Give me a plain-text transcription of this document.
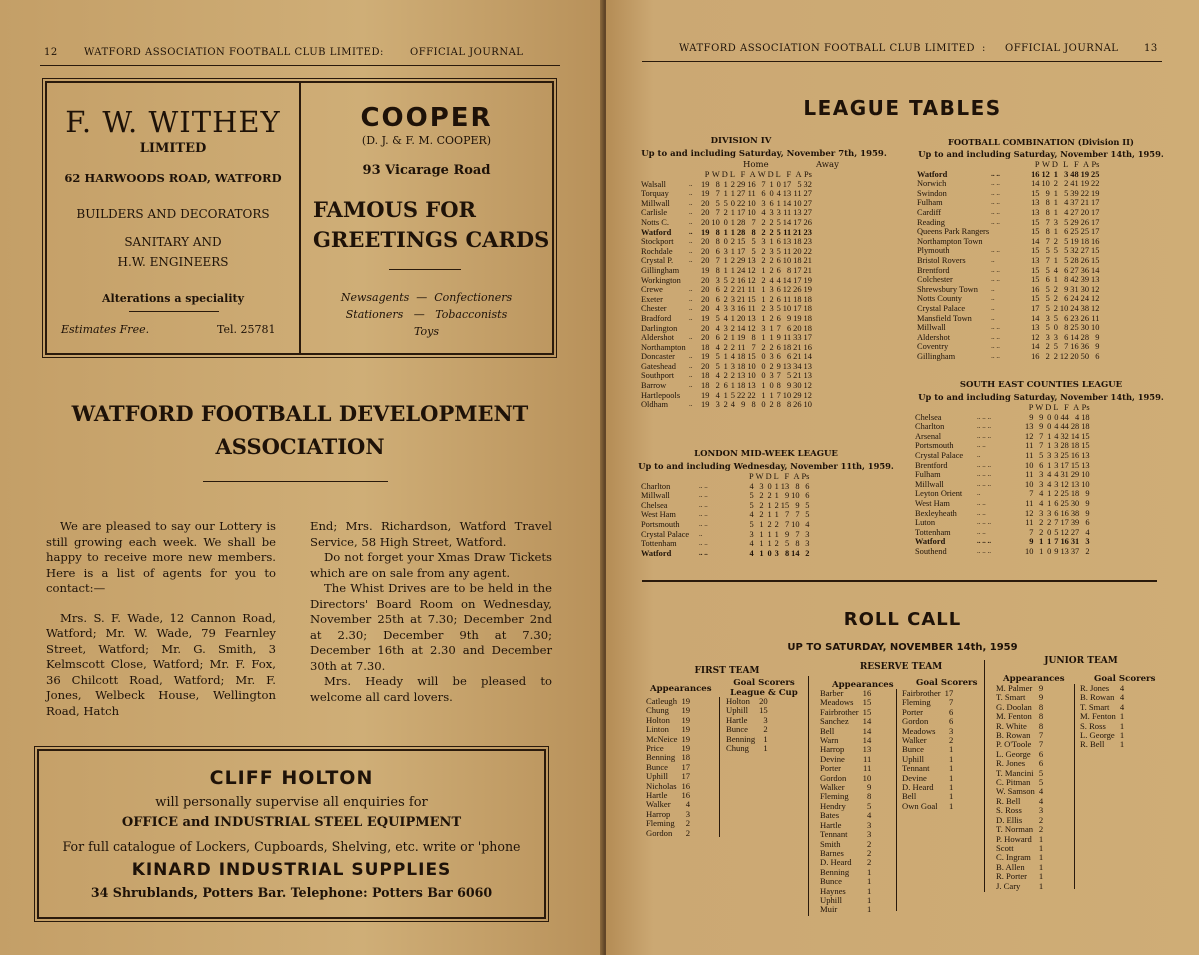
12	WATFORD ASSOCIATION FOOTBALL CLUB LIMITED :	OFFICIAL JOURNAL
F. W. WITHEY
LIMITED
62 HARWOODS ROAD, WATFORD
BUILDERS AND DECORATORS
SANITARY AND
H.W. ENGINEERS
Alterations a speciality
Estimates Free.	Tel. 25781
COOPER
(D. J. & F. M. COOPER)
93 Vicarage Road
FAMOUS FOR
GREETINGS CARDS
Newsagents  —  Confectioners
Stationers   —   Tobacconists
Toys
WATFORD FOOTBALL DEVELOPMENT
ASSOCIATION

We are pleased to say our Lottery is still growing each week. We shall be happy to receive more new members. Here is a list of agents for you to contact:—

Mrs. S. F. Wade, 12 Cannon Road, Watford; Mr. W. Wade, 79 Fearnley Street, Watford; Mr. G. Smith, 3 Kelmscott Close, Watford; Mr. F. Fox, 36 Chilcott Road, Watford; Mr. F. Jones, Welbeck House, Wellington Road, Hatch

End; Mrs. Richardson, Watford Travel Service, 58 High Street, Watford.

Do not forget your Xmas Draw Tickets which are on sale from any agent.

The Whist Drives are to be held in the Directors' Board Room on Wednesday, November 25th at 7.30; December 2nd at 2.30; December 9th at 7.30; December 16th at 2.30 and December 30th at 7.30.

Mrs. Heady will be pleased to welcome all card lovers.

CLIFF HOLTON
will personally supervise all enquiries for
OFFICE and INDUSTRIAL STEEL EQUIPMENT
For full catalogue of Lockers, Cupboards, Shelving, etc. write or 'phone
KINARD INDUSTRIAL SUPPLIES
34 Shrublands, Potters Bar. Telephone: Potters Bar 6060
WATFORD ASSOCIATION FOOTBALL CLUB LIMITED : OFFICIAL JOURNAL	13
LEAGUE TABLES
DIVISION IV
Up to and including Saturday, November 7th, 1959.
Home	Away
		P	W	D	L	F	A	W	D	L	F	A	Ps
Walsall	..	19	8	1	2	29	16	7	1	0	17	5	32
Torquay	..	19	7	1	1	27	11	6	0	4	13	11	27
Millwall	..	20	5	5	0	22	10	3	6	1	14	10	27
Carlisle	..	20	7	2	1	17	10	4	3	3	11	13	27
Notts C.	..	20	10	0	1	28	7	2	2	5	14	17	26
Watford	..	19	8	1	1	28	8	2	2	5	11	21	23
Stockport	..	20	8	0	2	15	5	3	1	6	13	18	23
Rochdale	..	20	6	3	1	17	5	2	3	5	11	20	22
Crystal P.	..	20	7	1	2	29	13	2	2	6	10	18	21
Gillingham		19	8	1	1	24	12	1	2	6	8	17	21
Workington		20	3	5	2	16	12	2	4	4	14	17	19
Crewe	..	20	6	2	2	21	11	1	3	6	12	26	19
Exeter	..	20	6	2	3	21	15	1	2	6	11	18	18
Chester	..	20	4	3	3	16	11	2	3	5	10	17	18
Bradford	..	19	5	4	1	20	13	1	2	6	9	19	18
Darlington		20	4	3	2	14	12	3	1	7	6	20	18
Aldershot	..	20	6	2	1	19	8	1	1	9	11	33	17
Northampton		18	4	2	2	11	7	2	2	6	18	21	16
Doncaster	..	19	5	1	4	18	15	0	3	6	6	21	14
Gateshead	..	20	5	1	3	18	10	0	2	9	13	34	13
Southport	..	18	4	2	2	13	10	0	3	7	5	21	13
Barrow	..	18	2	6	1	18	13	1	0	8	9	30	12
Hartlepools		19	4	1	5	22	22	1	1	7	10	29	12
Oldham	..	19	3	2	4	9	8	0	2	8	8	26	10
FOOTBALL COMBINATION (Division II)
Up to and including Saturday, November 14th, 1959.
		P	W	D	L	F	A	Ps
Watford	.. ..	16	12	1	3	48	19	25
Norwich	.. ..	14	10	2	2	41	19	22
Swindon	.. ..	15	9	1	5	39	22	19
Fulham	.. ..	13	8	1	4	37	21	17
Cardiff	.. ..	13	8	1	4	27	20	17
Reading	.. ..	15	7	3	5	29	26	17
Queens Park Rangers		15	8	1	6	25	25	17
Northampton Town		14	7	2	5	19	18	16
Plymouth	.. ..	15	5	5	5	32	27	15
Bristol Rovers	..	13	7	1	5	28	26	15
Brentford	.. ..	15	5	4	6	27	36	14
Colchester	.. ..	15	6	1	8	42	39	13
Shrewsbury Town	..	16	5	2	9	31	30	12
Notts County	..	15	5	2	6	24	24	12
Crystal Palace	..	17	5	2	10	24	38	12
Mansfield Town	..	14	3	5	6	23	26	11
Millwall	.. ..	13	5	0	8	25	30	10
Aldershot	.. ..	12	3	3	6	14	28	9
Coventry	.. ..	14	2	5	7	16	36	9
Gillingham	.. ..	16	2	2	12	20	50	6
LONDON MID-WEEK LEAGUE
Up to and including Wednesday, November 11th, 1959.
		P	W	D	L	F	A	Ps
Charlton	.. ..	4	3	0	1	13	8	6
Millwall	.. ..	5	2	2	1	9	10	6
Chelsea	.. ..	5	2	1	2	15	9	5
West Ham	.. ..	4	2	1	1	7	7	5
Portsmouth	.. ..	5	1	2	2	7	10	4
Crystal Palace	..	3	1	1	1	9	7	3
Tottenham	.. ..	4	1	1	2	5	8	3
Watford	.. ..	4	1	0	3	8	14	2
SOUTH EAST COUNTIES LEAGUE
Up to and including Saturday, November 14th, 1959.
		P	W	D	L	F	A	Ps
Chelsea	.. .. ..	9	9	0	0	44	4	18
Charlton	.. .. ..	13	9	0	4	44	28	18
Arsenal	.. .. ..	12	7	1	4	32	14	15
Portsmouth	.. ..	11	7	1	3	28	18	15
Crystal Palace	..	11	5	3	3	25	16	13
Brentford	.. .. ..	10	6	1	3	17	15	13
Fulham	.. .. ..	11	3	4	4	31	29	10
Millwall	.. .. ..	10	3	4	3	12	13	10
Leyton Orient	..	7	4	1	2	25	18	9
West Ham	.. ..	11	4	1	6	25	30	9
Bexleyheath	.. ..	12	3	3	6	16	38	9
Luton	.. .. ..	11	2	2	7	17	39	6
Tottenham	.. ..	7	2	0	5	12	27	4
Watford	.. .. ..	9	1	1	7	16	31	3
Southend	.. .. ..	10	1	0	9	13	37	2
ROLL CALL
UP TO SATURDAY, NOVEMBER 14th, 1959
FIRST TEAM
Appearances
Goal Scorers
League & Cup
Catleugh	19
Chung	19
Holton	19
Linton	19
McNeice	19
Price	19
Benning	18
Bunce	17
Uphill	17
Nicholas	16
Hartle	16
Walker	4
Harrop	3
Fleming	2
Gordon	2
Holton	20
Uphill	15
Hartle	3
Bunce	2
Benning	1
Chung	1
RESERVE TEAM
Appearances	Goal Scorers
Barber	16
Meadows	15
Fairbrother	15
Sanchez	14
Bell	14
Warn	14
Harrop	13
Devine	11
Porter	11
Gordon	10
Walker	9
Fleming	8
Hendry	5
Bates	4
Hartle	3
Tennant	3
Smith	2
Barnes	2
D. Heard	2
Benning	1
Bunce	1
Haynes	1
Uphill	1
Muir	1
Fairbrother	17
Fleming	7
Porter	6
Gordon	6
Meadows	3
Walker	2
Bunce	1
Uphill	1
Tennant	1
Devine	1
D. Heard	1
Bell	1
Own Goal	1
JUNIOR TEAM
Appearances	Goal Scorers
M. Palmer	9
T. Smart	9
G. Doolan	8
M. Fenton	8
R. White	8
B. Rowan	7
P. O'Toole	7
L. George	6
R. Jones	6
T. Mancini	5
C. Pitman	5
W. Samson	4
R. Bell	4
S. Ross	3
D. Ellis	2
T. Norman	2
P. Howard	1
Scott	1
C. Ingram	1
B. Allen	1
R. Porter	1
J. Cary	1
R. Jones	4
B. Rowan	4
T. Smart	4
M. Fenton	1
S. Ross	1
L. George	1
R. Bell	1
